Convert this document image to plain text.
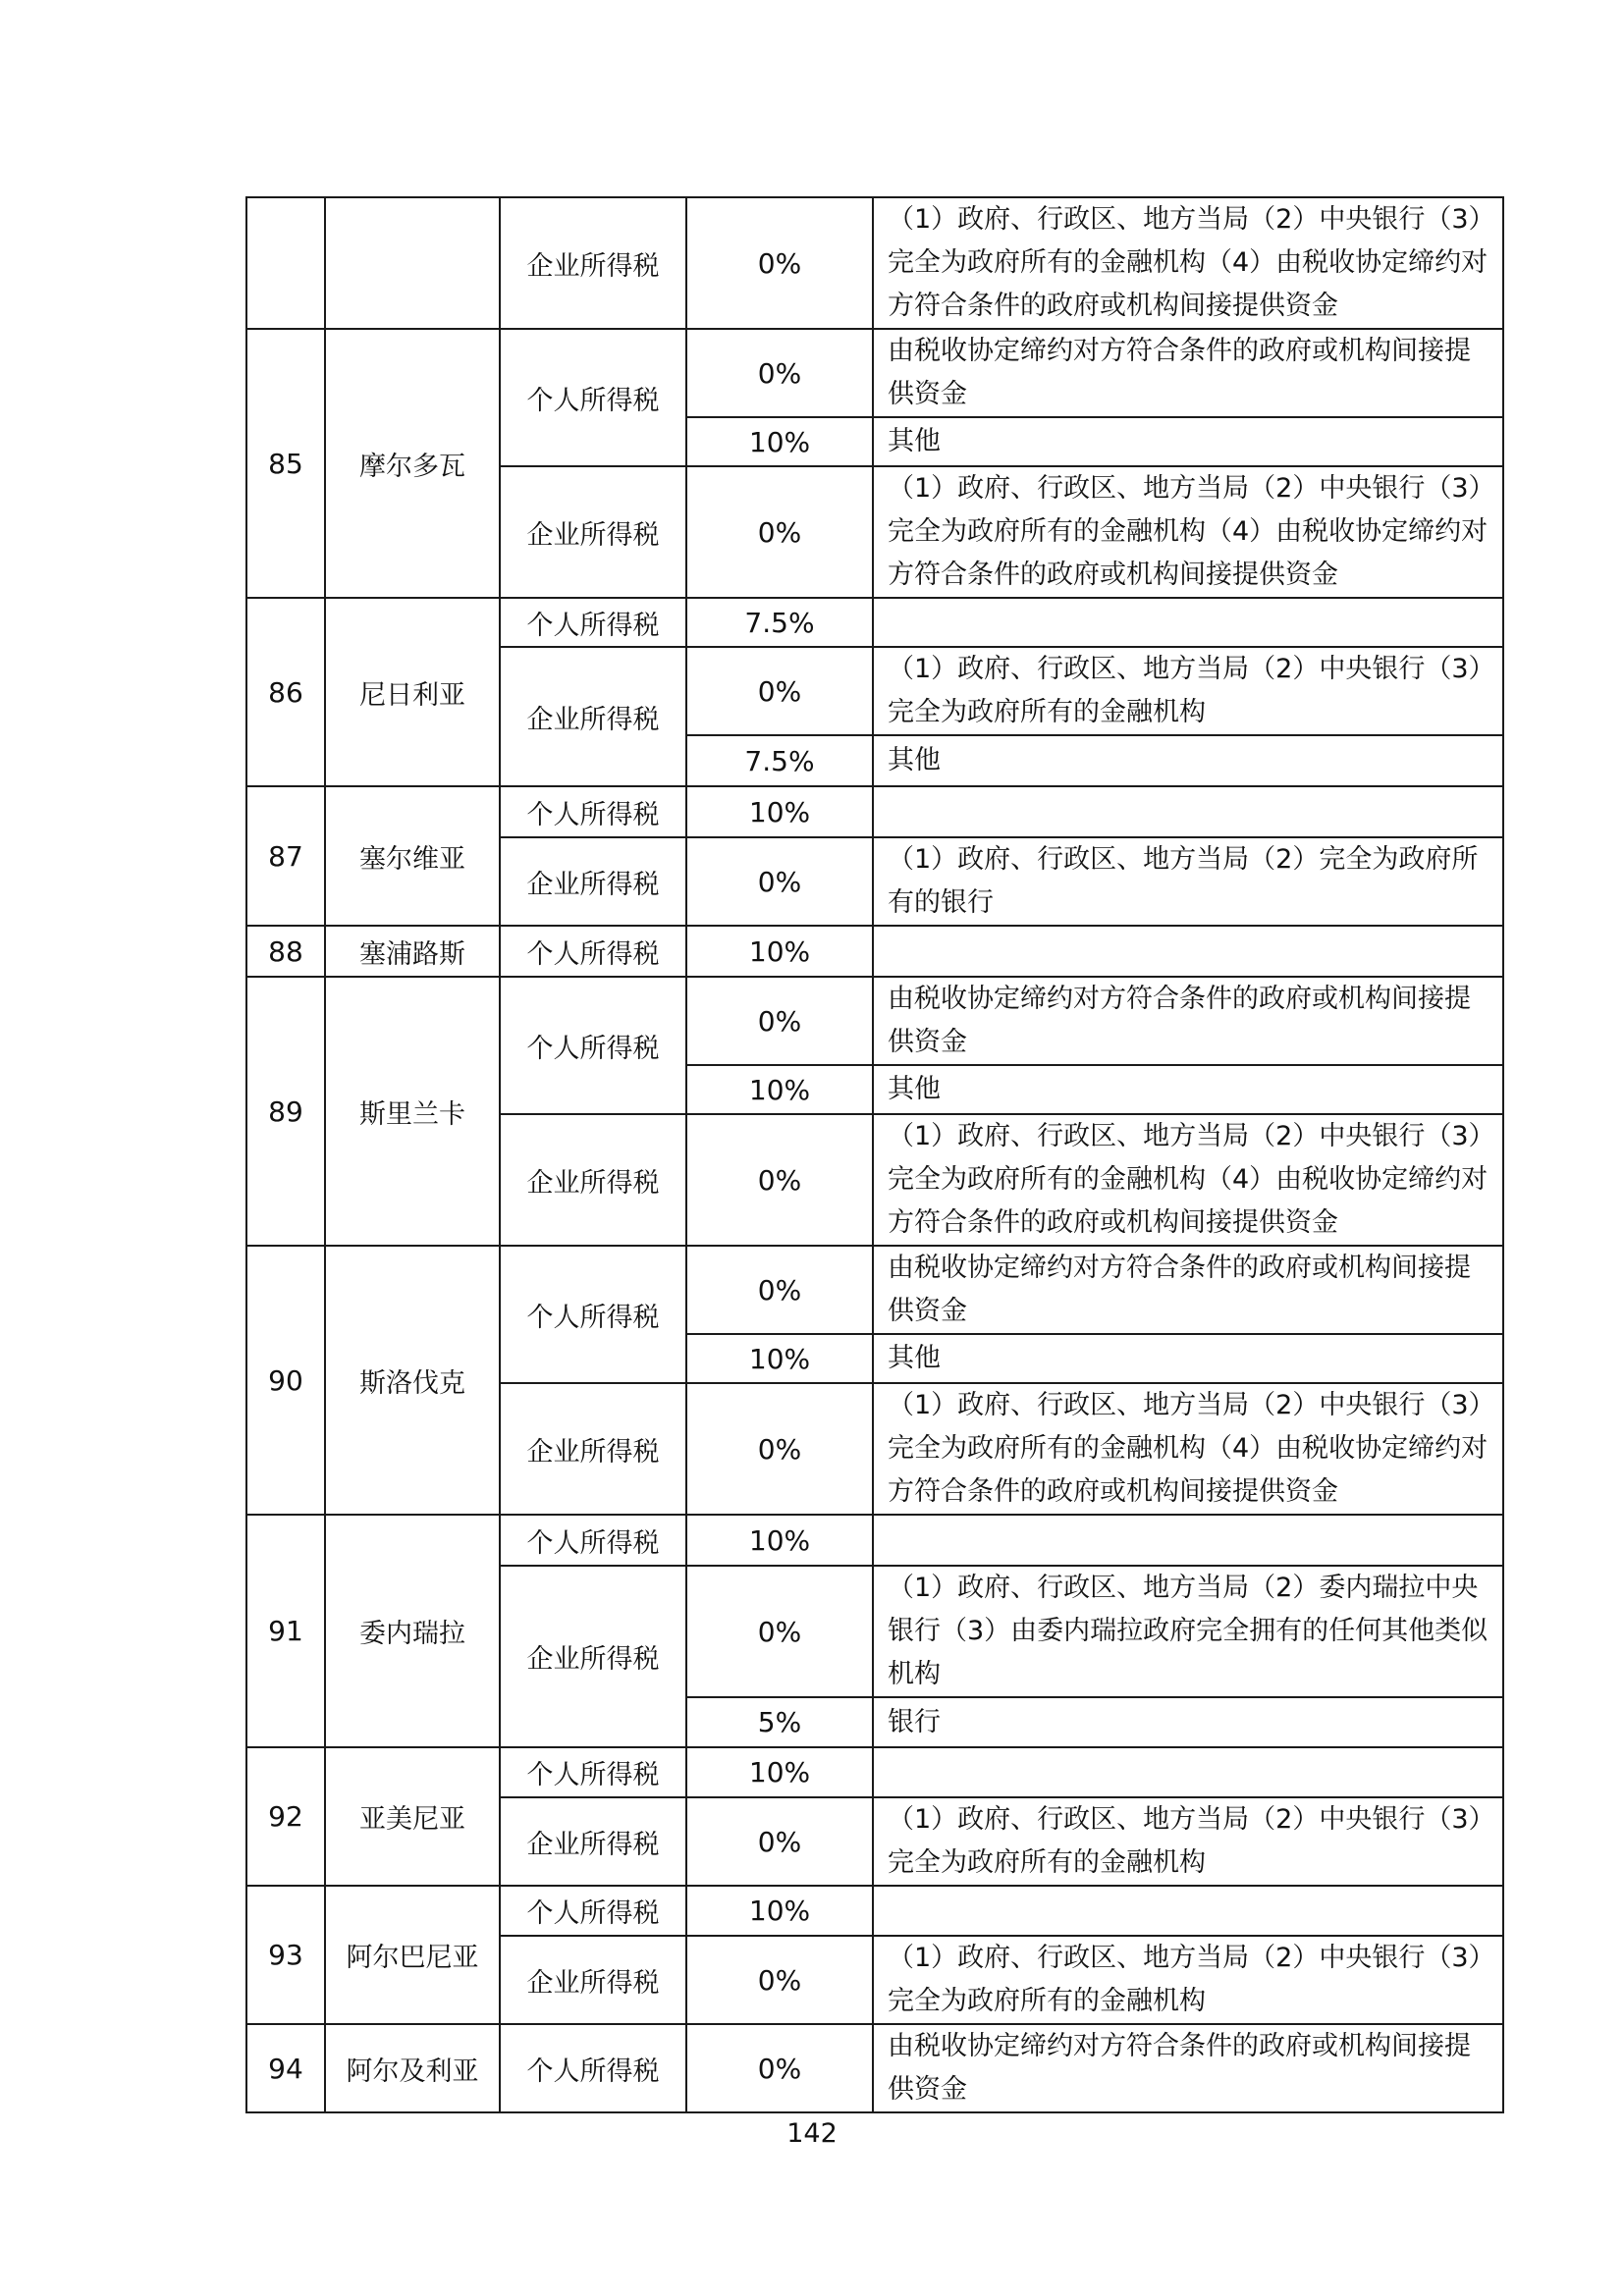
		企业所得税	0%	（1）政府、行政区、地方当局（2）中央银行（3）完全为政府所有的金融机构（4）由税收协定缔约对方符合条件的政府或机构间接提供资金

85	摩尔多瓦	个人所得税	0%	由税收协定缔约对方符合条件的政府或机构间接提供资金

			10%	其他

		企业所得税	0%	（1）政府、行政区、地方当局（2）中央银行（3）完全为政府所有的金融机构（4）由税收协定缔约对方符合条件的政府或机构间接提供资金

86	尼日利亚	个人所得税	7.5%	

		企业所得税	0%	（1）政府、行政区、地方当局（2）中央银行（3）完全为政府所有的金融机构

			7.5%	其他

87	塞尔维亚	个人所得税	10%	

		企业所得税	0%	（1）政府、行政区、地方当局（2）完全为政府所有的银行

88	塞浦路斯	个人所得税	10%	

89	斯里兰卡	个人所得税	0%	由税收协定缔约对方符合条件的政府或机构间接提供资金

			10%	其他

		企业所得税	0%	（1）政府、行政区、地方当局（2）中央银行（3）完全为政府所有的金融机构（4）由税收协定缔约对方符合条件的政府或机构间接提供资金

90	斯洛伐克	个人所得税	0%	由税收协定缔约对方符合条件的政府或机构间接提供资金

			10%	其他

		企业所得税	0%	（1）政府、行政区、地方当局（2）中央银行（3）完全为政府所有的金融机构（4）由税收协定缔约对方符合条件的政府或机构间接提供资金

91	委内瑞拉	个人所得税	10%	

		企业所得税	0%	（1）政府、行政区、地方当局（2）委内瑞拉中央银行（3）由委内瑞拉政府完全拥有的任何其他类似机构

			5%	银行

92	亚美尼亚	个人所得税	10%	

		企业所得税	0%	（1）政府、行政区、地方当局（2）中央银行（3）完全为政府所有的金融机构

93	阿尔巴尼亚	个人所得税	10%	

		企业所得税	0%	（1）政府、行政区、地方当局（2）中央银行（3）完全为政府所有的金融机构

94	阿尔及利亚	个人所得税	0%	由税收协定缔约对方符合条件的政府或机构间接提供资金
142
